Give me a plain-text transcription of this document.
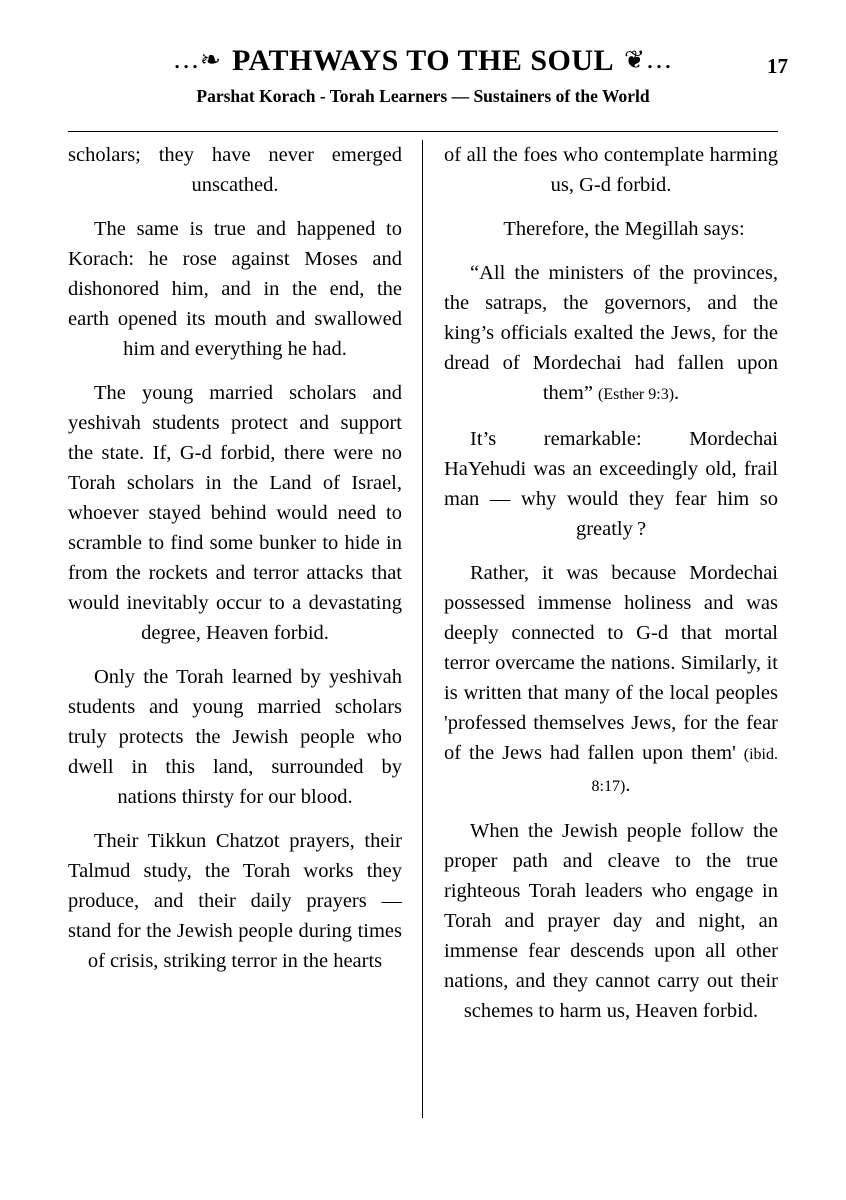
...❧ PATHWAYS TO THE SOUL ❦...
Parshat Korach - Torah Learners — Sustainers of the World
17

scholars; they have never emerged unscathed.

The same is true and happened to Korach: he rose against Moses and dishonored him, and in the end, the earth opened its mouth and swallowed him and everything he had.

The young married scholars and yeshivah students protect and support the state. If, G-d forbid, there were no Torah scholars in the Land of Israel, whoever stayed behind would need to scramble to find some bunker to hide in from the rockets and terror attacks that would inevitably occur to a devastating degree, Heaven forbid.

Only the Torah learned by yeshivah students and young married scholars truly protects the Jewish people who dwell in this land, surrounded by nations thirsty for our blood.

Their Tikkun Chatzot prayers, their Talmud study, the Torah works they produce, and their daily prayers — stand for the Jewish people during times of crisis, striking terror in the hearts

of all the foes who contemplate harming us, G-d forbid.

Therefore, the Megillah says:

“All the ministers of the provinces, the satraps, the governors, and the king’s officials exalted the Jews, for the dread of Mordechai had fallen upon them” (Esther 9:3).

It’s remarkable: Mordechai HaYehudi was an exceedingly old, frail man — why would they fear him so greatly ?

Rather, it was because Mordechai possessed immense holiness and was deeply connected to G-d that mortal terror overcame the nations. Similarly, it is written that many of the local peoples 'professed themselves Jews, for the fear of the Jews had fallen upon them' (ibid. 8:17).

When the Jewish people follow the proper path and cleave to the true righteous Torah leaders who engage in Torah and prayer day and night, an immense fear descends upon all other nations, and they cannot carry out their schemes to harm us, Heaven forbid.
